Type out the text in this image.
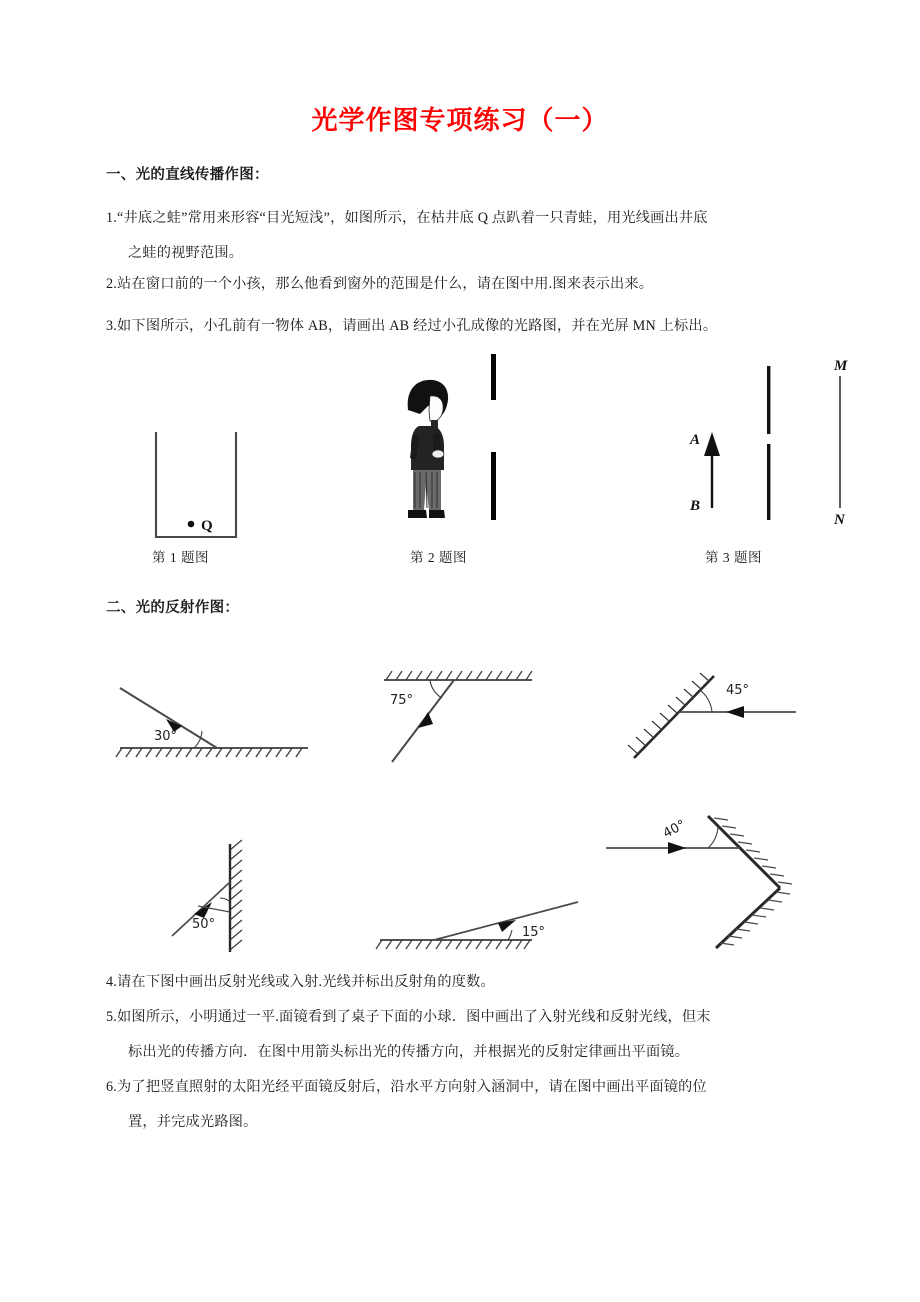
光学作图专项练习（一）
一、光的直线传播作图：
1.“井底之蛙”常用来形容“目光短浅”，如图所示，在枯井底 Q 点趴着一只青蛙，用光线画出井底
之蛙的视野范围。
2.站在窗口前的一个小孩，那么他看到窗外的范围是什么，请在图中用.图来表示出来。
3.如下图所示，小孔前有一物体 AB，请画出 AB 经过小孔成像的光路图，并在光屏 MN 上标出。
Q
第 1 题图	第 2 题图
A
B
M
N
第 3 题图
二、光的反射作图：
30°
75°
45°
50°
15°
40°
4.请在下图中画出反射光线或入射.光线并标出反射角的度数。
5.如图所示，小明通过一平.面镜看到了桌子下面的小球．图中画出了入射光线和反射光线，但末
标出光的传播方向．在图中用箭头标出光的传播方向，并根据光的反射定律画出平面镜。
6.为了把竖直照射的太阳光经平面镜反射后，沿水平方向射入涵洞中，请在图中画出平面镜的位
置，并完成光路图。
